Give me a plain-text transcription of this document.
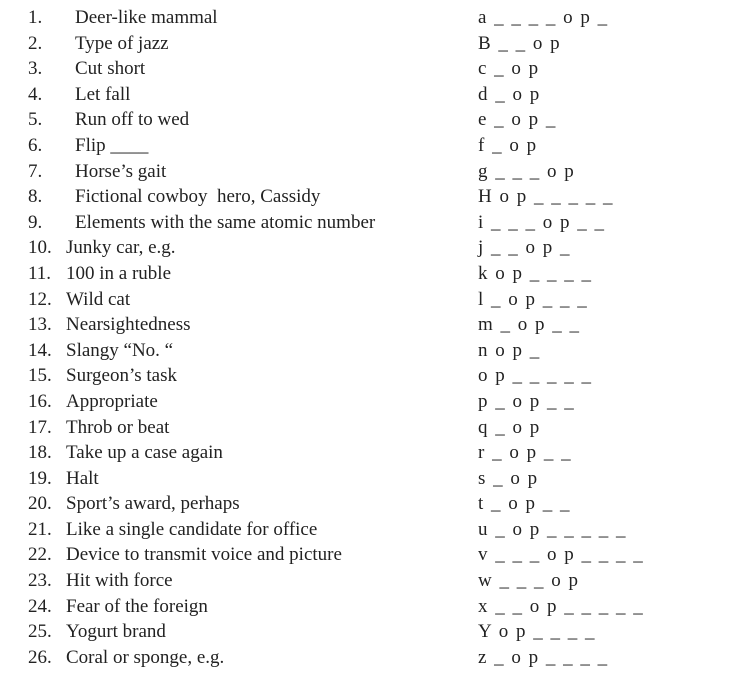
1. Deer-like mammal	a _ _ _ _ o p _
2. Type of jazz	B _ _ o p
3. Cut short	c _ o p
4. Let fall	d _ o p
5. Run off to wed	e _ o p _
6. Flip ____	f _ o p
7. Horse’s gait	g _ _ _ o p
8. Fictional cowboy  hero, Cassidy	H o p _ _ _ _ _
9. Elements with the same atomic number	i _ _ _ o p _ _
10. Junky car, e.g.	j _ _ o p _
11. 100 in a ruble	k o p _ _ _ _
12. Wild cat	l _ o p _ _ _
13. Nearsightedness	m _ o p _ _
14. Slangy “No. “	n o p _
15. Surgeon’s task	o p _ _ _ _ _
16. Appropriate	p _ o p _ _
17. Throb or beat	q _ o p
18. Take up a case again	r _ o p _ _
19. Halt	s _ o p
20. Sport’s award, perhaps	t _ o p _ _
21. Like a single candidate for office	u _ o p _ _ _ _ _
22. Device to transmit voice and picture	v _ _ _ o p _ _ _ _
23. Hit with force	w _ _ _ o p
24. Fear of the foreign	x _ _ o p _ _ _ _ _
25. Yogurt brand	Y o p _ _ _ _
26. Coral or sponge, e.g.	z _ o p _ _ _ _
